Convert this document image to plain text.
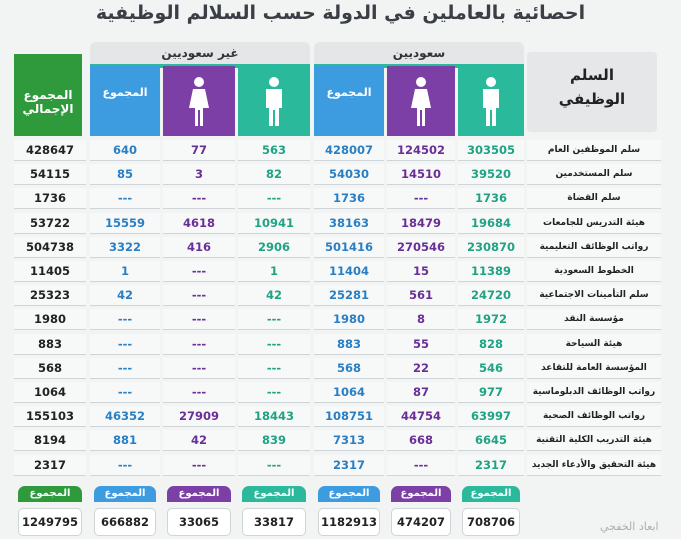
احصائية بالعاملين في الدولة حسب السلالم الوظيفية
غير سعوديين	سعوديين
المجموع
الإجمالي
المجموع	المجموع
السلم
الوظيفي
428647	640	77	563	428007	124502	303505	سلم الموظفين العام
54115	85	3	82	54030	14510	39520	سلم المستخدمين
1736	---	---	---	1736	---	1736	سلم القضاة
53722	15559	4618	10941	38163	18479	19684	هيئة التدريس للجامعات
504738	3322	416	2906	501416	270546	230870	رواتب الوظائف التعليمية
11405	1	---	1	11404	15	11389	الخطوط السعودية
25323	42	---	42	25281	561	24720	سلم التأمينات الاجتماعية
1980	---	---	---	1980	8	1972	مؤسسة النقد
883	---	---	---	883	55	828	هيئة السياحة
568	---	---	---	568	22	546	المؤسسة العامة للتقاعد
1064	---	---	---	1064	87	977	رواتب الوظائف الدبلوماسية
155103	46352	27909	18443	108751	44754	63997	رواتب الوظائف الصحية
8194	881	42	839	7313	668	6645	هيئة التدريب الكلية التقنية
2317	---	---	---	2317	---	2317	هيئة التحقيق والأدعاء الجديد
المجموع	المجموع	المجموع	المجموع	المجموع	المجموع	المجموع
1249795	666882	33065	33817	1182913	474207	708706	ابعاد الخفجي
